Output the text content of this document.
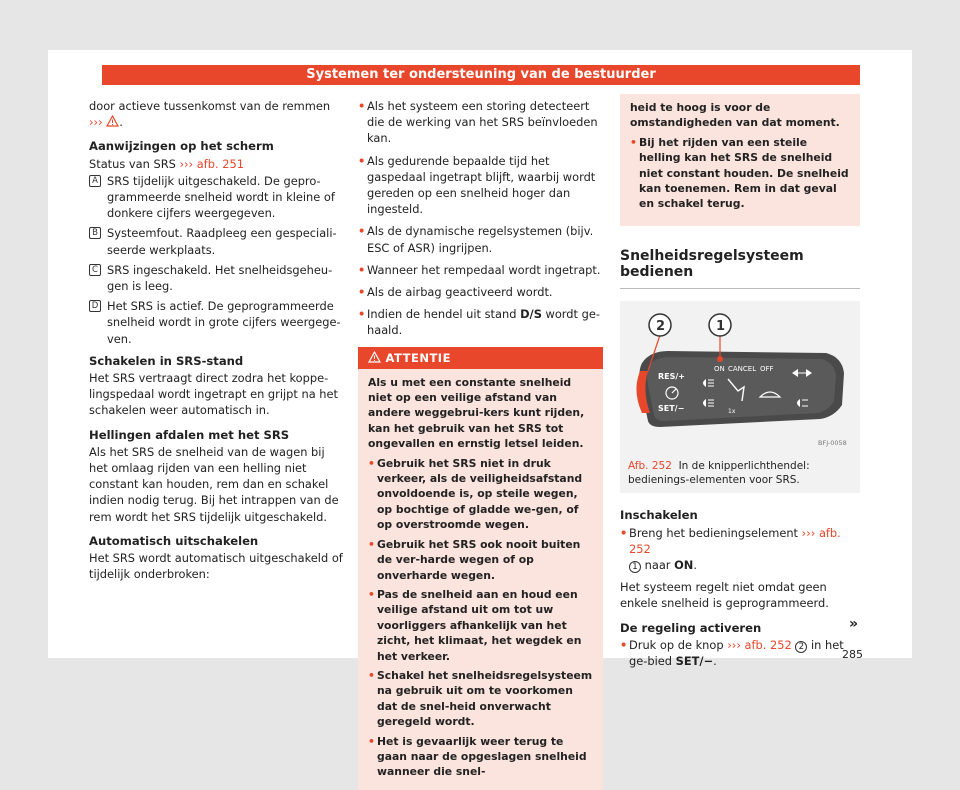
Systemen ter ondersteuning van de bestuurder

door actieve tussenkomst van de remmen
››› .

Aanwijzingen op het scherm
Status van SRS ››› afb. 251
A SRS tijdelijk uitgeschakeld. De gepro-grammeerde snelheid wordt in kleine of donkere cijfers weergegeven.
B Systeemfout. Raadpleeg een gespeciali-seerde werkplaats.
C SRS ingeschakeld. Het snelheidsgeheu-gen is leeg.
D Het SRS is actief. De geprogrammeerde snelheid wordt in grote cijfers weergege-ven.
Schakelen in SRS-stand

Het SRS vertraagt direct zodra het koppe-lingspedaal wordt ingetrapt en grijpt na het schakelen weer automatisch in.

Hellingen afdalen met het SRS

Als het SRS de snelheid van de wagen bij het omlaag rijden van een helling niet constant kan houden, rem dan en schakel indien nodig terug. Bij het intrappen van de rem wordt het SRS tijdelijk uitgeschakeld.

Automatisch uitschakelen

Het SRS wordt automatisch uitgeschakeld of tijdelijk onderbroken:

• Als het systeem een storing detecteert die de werking van het SRS beïnvloeden kan.
• Als gedurende bepaalde tijd het gaspedaal ingetrapt blijft, waarbij wordt gereden op een snelheid hoger dan ingesteld.
• Als de dynamische regelsystemen (bijv. ESC of ASR) ingrijpen.
• Wanneer het rempedaal wordt ingetrapt.
• Als de airbag geactiveerd wordt.
• Indien de hendel uit stand D/S wordt ge-haald.
ATTENTIE
Als u met een constante snelheid niet op een veilige afstand van andere weggebrui-kers kunt rijden, kan het gebruik van het SRS tot ongevallen en ernstig letsel leiden.
• Gebruik het SRS niet in druk verkeer, als de veiligheidsafstand onvoldoende is, op steile wegen, op bochtige of gladde we-gen, of op overstroomde wegen.
• Gebruik het SRS ook nooit buiten de ver-harde wegen of op onverharde wegen.
• Pas de snelheid aan en houd een veilige afstand uit om tot uw voorliggers afhankelijk van het zicht, het klimaat, het wegdek en het verkeer.
• Schakel het snelheidsregelsysteem na gebruik uit om te voorkomen dat de snel-heid onverwacht geregeld wordt.
• Het is gevaarlijk weer terug te gaan naar de opgeslagen snelheid wanneer die snel-
heid te hoog is voor de omstandigheden van dat moment.
• Bij het rijden van een steile helling kan het SRS de snelheid niet constant houden. De snelheid kan toenemen. Rem in dat geval en schakel terug.
Snelheidsregelsysteem bedienen
ON CANCEL OFF
RES/+
SET/−	1x
1
2
BFJ-0058
Afb. 252 In de knipperlichthendel: bedienings-elementen voor SRS.
Inschakelen
• Breng het bedieningselement ››› afb. 252
1 naar ON.

Het systeem regelt niet omdat geen enkele snelheid is geprogrammeerd.

De regeling activeren
• Druk op de knop ››› afb. 252 2 in het ge-bied SET/−.
»
285
